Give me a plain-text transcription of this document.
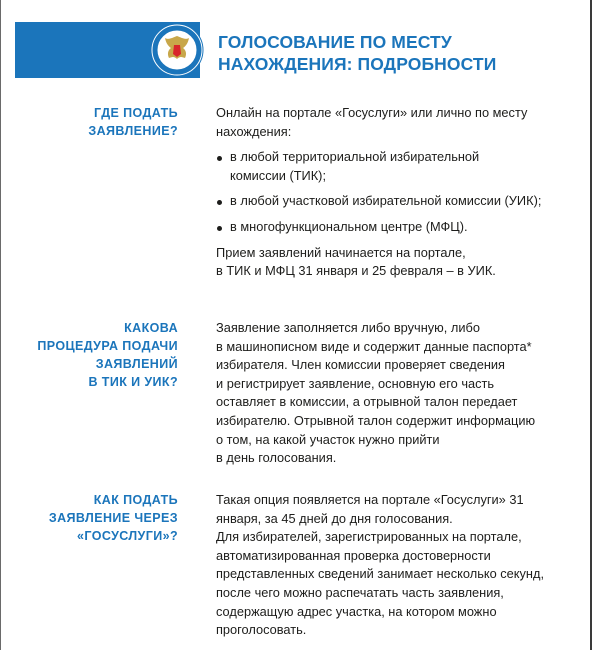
ГОЛОСОВАНИЕ ПО МЕСТУ
НАХОЖДЕНИЯ: ПОДРОБНОСТИ
ГДЕ ПОДАТЬ
ЗАЯВЛЕНИЕ?
Онлайн на портале «Госуслуги» или лично по месту
нахождения:
в любой территориальной избирательной
комиссии (ТИК);
в любой участковой избирательной комиссии (УИК);
в многофункциональном центре (МФЦ).
Прием заявлений начинается на портале,
в ТИК и МФЦ 31 января и 25 февраля – в УИК.
КАКОВА
ПРОЦЕДУРА ПОДАЧИ
ЗАЯВЛЕНИЙ
В ТИК И УИК?
Заявление заполняется либо вручную, либо
в машинописном виде и содержит данные паспорта*
избирателя. Член комиссии проверяет сведения
и регистрирует заявление, основную его часть
оставляет в комиссии, а отрывной талон передает
избирателю. Отрывной талон содержит информацию
о том, на какой участок нужно прийти
в день голосования.
КАК ПОДАТЬ
ЗАЯВЛЕНИЕ ЧЕРЕЗ
«ГОСУСЛУГИ»?
Такая опция появляется на портале «Госуслуги» 31
января, за 45 дней до дня голосования.
Для избирателей, зарегистрированных на портале,
автоматизированная проверка достоверности
представленных сведений занимает несколько секунд,
после чего можно распечатать часть заявления,
содержащую адрес участка, на котором можно
проголосовать.
